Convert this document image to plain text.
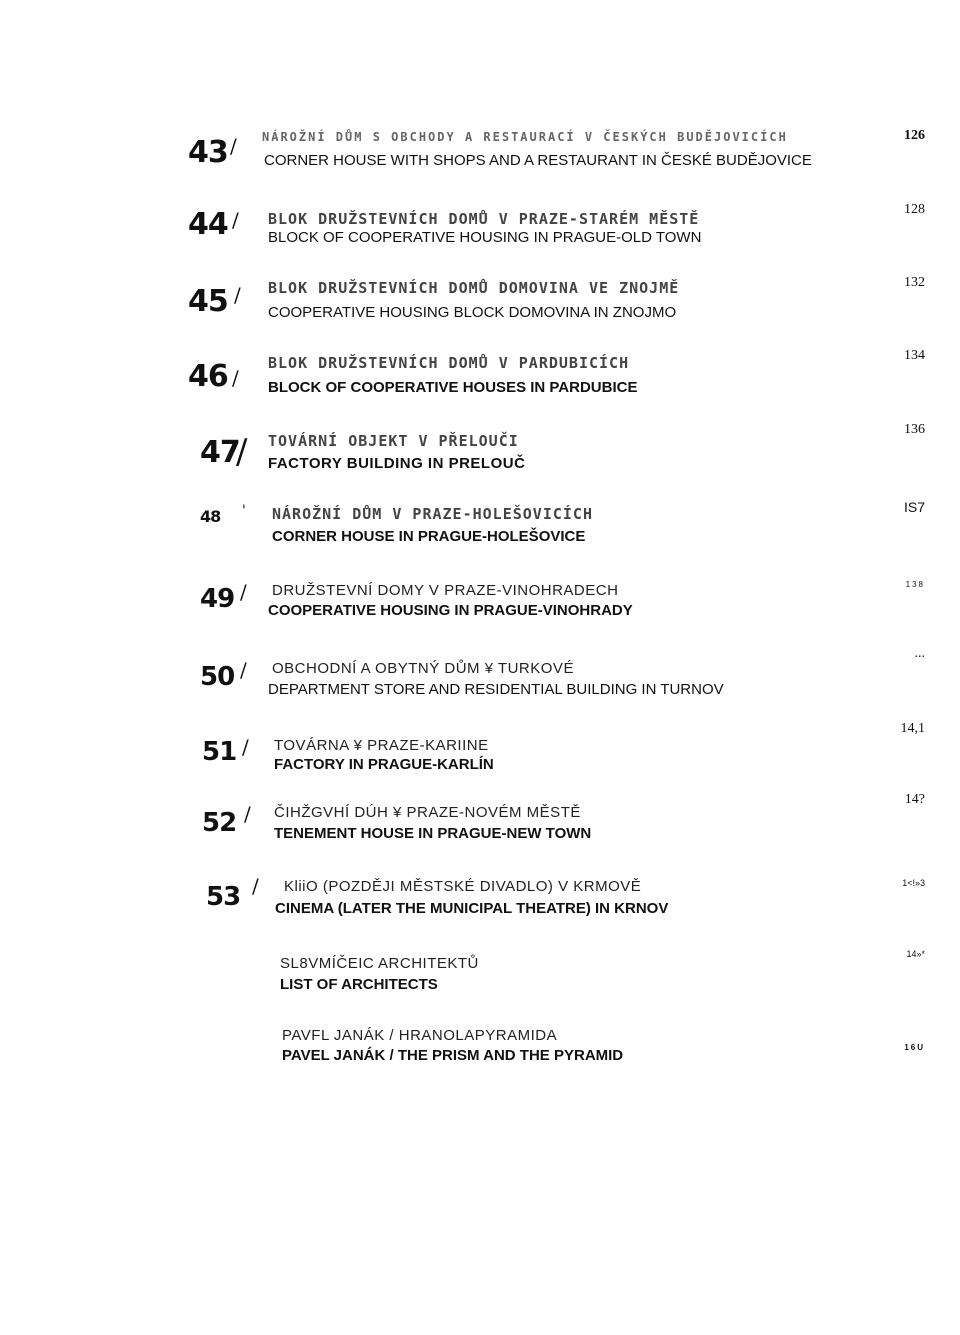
43 / NÁROŽNÍ DŮM S OBCHODY A RESTAURACÍ V ČESKÝCH BUDĚJOVICÍCH
CORNER HOUSE WITH SHOPS AND A RESTAURANT IN ČESKÉ BUDĚJOVICE
126
44 / BLOK DRUŽSTEVNÍCH DOMŮ V PRAZE-STARÉM MĚSTĚ
BLOCK OF COOPERATIVE HOUSING IN PRAGUE-OLD TOWN
128
45 / BLOK DRUŽSTEVNÍCH DOMŮ DOMOVINA VE ZNOJMĚ
COOPERATIVE HOUSING BLOCK DOMOVINA IN ZNOJMO
132
46 /
BLOK DRUŽSTEVNÍCH DOMŮ V PARDUBICÍCH
BLOCK OF COOPERATIVE HOUSES IN PARDUBICE
134
47
/ TOVÁRNÍ OBJEKT V PŘELOUČI
FACTORY BUILDING IN PRELOUČ
136
48 ' NÁROŽNÍ DŮM V PRAZE-HOLEŠOVICÍCH
CORNER HOUSE IN PRAGUE-HOLEŠOVICE
IS7
49 / DRUŽSTEVNÍ DOMY V PRAZE-VINOHRADECH
COOPERATIVE HOUSING IN PRAGUE-VINOHRADY
138
50 / OBCHODNÍ A OBYTNÝ DŮM ¥ TURKOVÉ
DEPARTMENT STORE AND RESIDENTIAL BUILDING IN TURNOV
...
51 / TOVÁRNA ¥ PRAZE-KARIINE
FACTORY IN PRAGUE-KARLÍN
14,1
52 / ČIHŽGVHÍ DÚH ¥ PRAZE-NOVÉM MĚSTĚ
TENEMENT HOUSE IN PRAGUE-NEW TOWN
14?
53 / KliiO (POZDĚJI MĚSTSKÉ DIVADLO) V KRMOVĚ
CINEMA (LATER THE MUNICIPAL THEATRE) IN KRNOV
1<!»3
SL8VMÍČEIC ARCHITEKTŮ
LIST OF ARCHITECTS
14»*
PAVFL JANÁK / HRANOLAPYRAMIDA
PAVEL JANÁK / THE PRISM AND THE PYRAMID	16U
